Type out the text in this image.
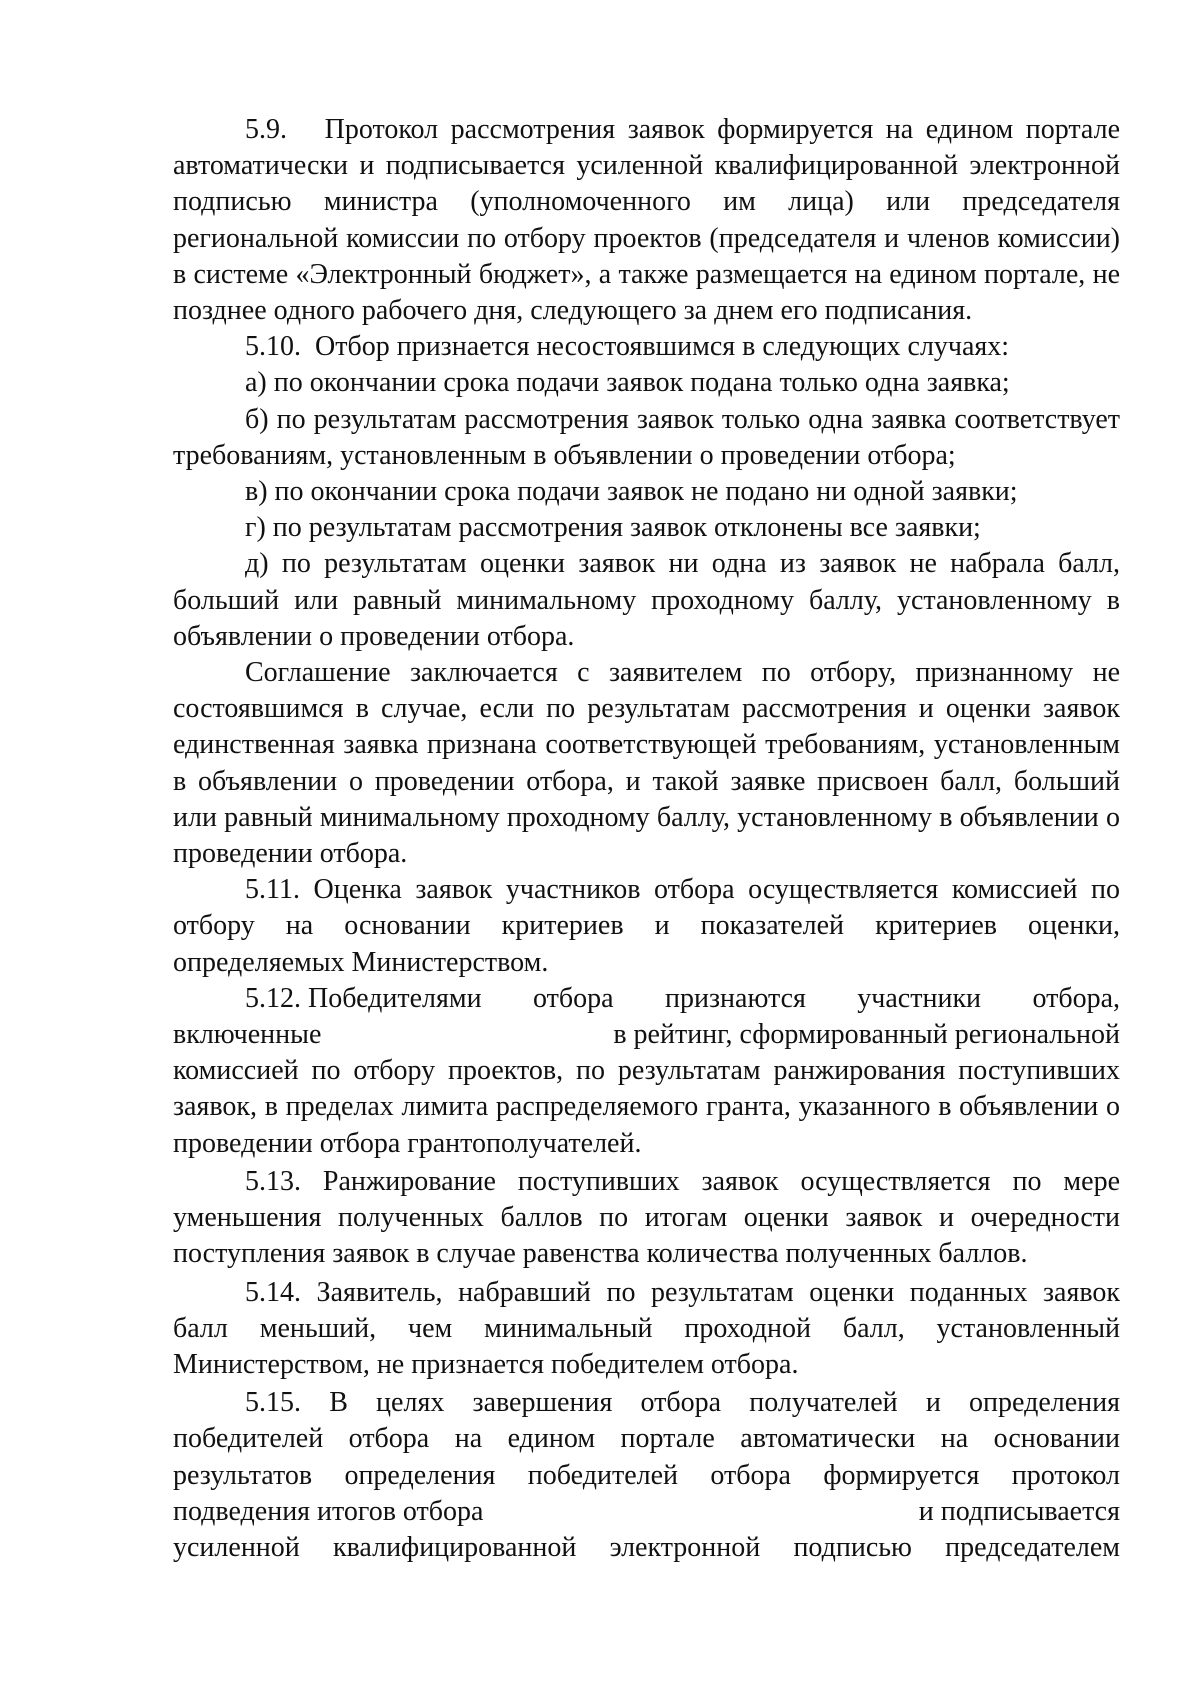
5.9.   Протокол рассмотрения заявок формируется на едином портале автоматически и подписывается усиленной квалифицированной электронной подписью министра (уполномоченного им лица) или председателя региональной комиссии по отбору проектов (председателя и членов комиссии) в системе «Электронный бюджет», а также размещается на едином портале, не позднее одного рабочего дня, следующего за днем его подписания.

5.10.  Отбор признается несостоявшимся в следующих случаях:

а) по окончании срока подачи заявок подана только одна заявка;

б) по результатам рассмотрения заявок только одна заявка соответствует требованиям, установленным в объявлении о проведении отбора;

в) по окончании срока подачи заявок не подано ни одной заявки;

г) по результатам рассмотрения заявок отклонены все заявки;

д) по результатам оценки заявок ни одна из заявок не набрала балл, больший или равный минимальному проходному баллу, установленному в объявлении о проведении отбора.

Соглашение заключается с заявителем по отбору, признанному не состоявшимся в случае, если по результатам рассмотрения и оценки заявок единственная заявка признана соответствующей требованиям, установленным в объявлении о проведении отбора, и такой заявке присвоен балл, больший или равный минимальному проходному баллу, установленному в объявлении о проведении отбора.

5.11. Оценка заявок участников отбора осуществляется комиссией по отбору на основании критериев и показателей критериев оценки, определяемых Министерством.

5.12. Победителями отбора признаются участники отбора,
включенные	в рейтинг, сформированный региональной

комиссией по отбору проектов, по результатам ранжирования поступивших заявок, в пределах лимита распределяемого гранта, указанного в объявлении о проведении отбора грантополучателей.

5.13. Ранжирование поступивших заявок осуществляется по мере уменьшения полученных баллов по итогам оценки заявок и очередности поступления заявок в случае равенства количества полученных баллов.

5.14. Заявитель, набравший по результатам оценки поданных заявок балл меньший, чем минимальный проходной балл, установленный Министерством, не признается победителем отбора.

5.15. В целях завершения отбора получателей и определения победителей отбора на едином портале автоматически на основании результатов определения победителей отбора формируется протокол

подведения итогов отбора	и подписывается

усиленной квалифицированной электронной подписью председателем
